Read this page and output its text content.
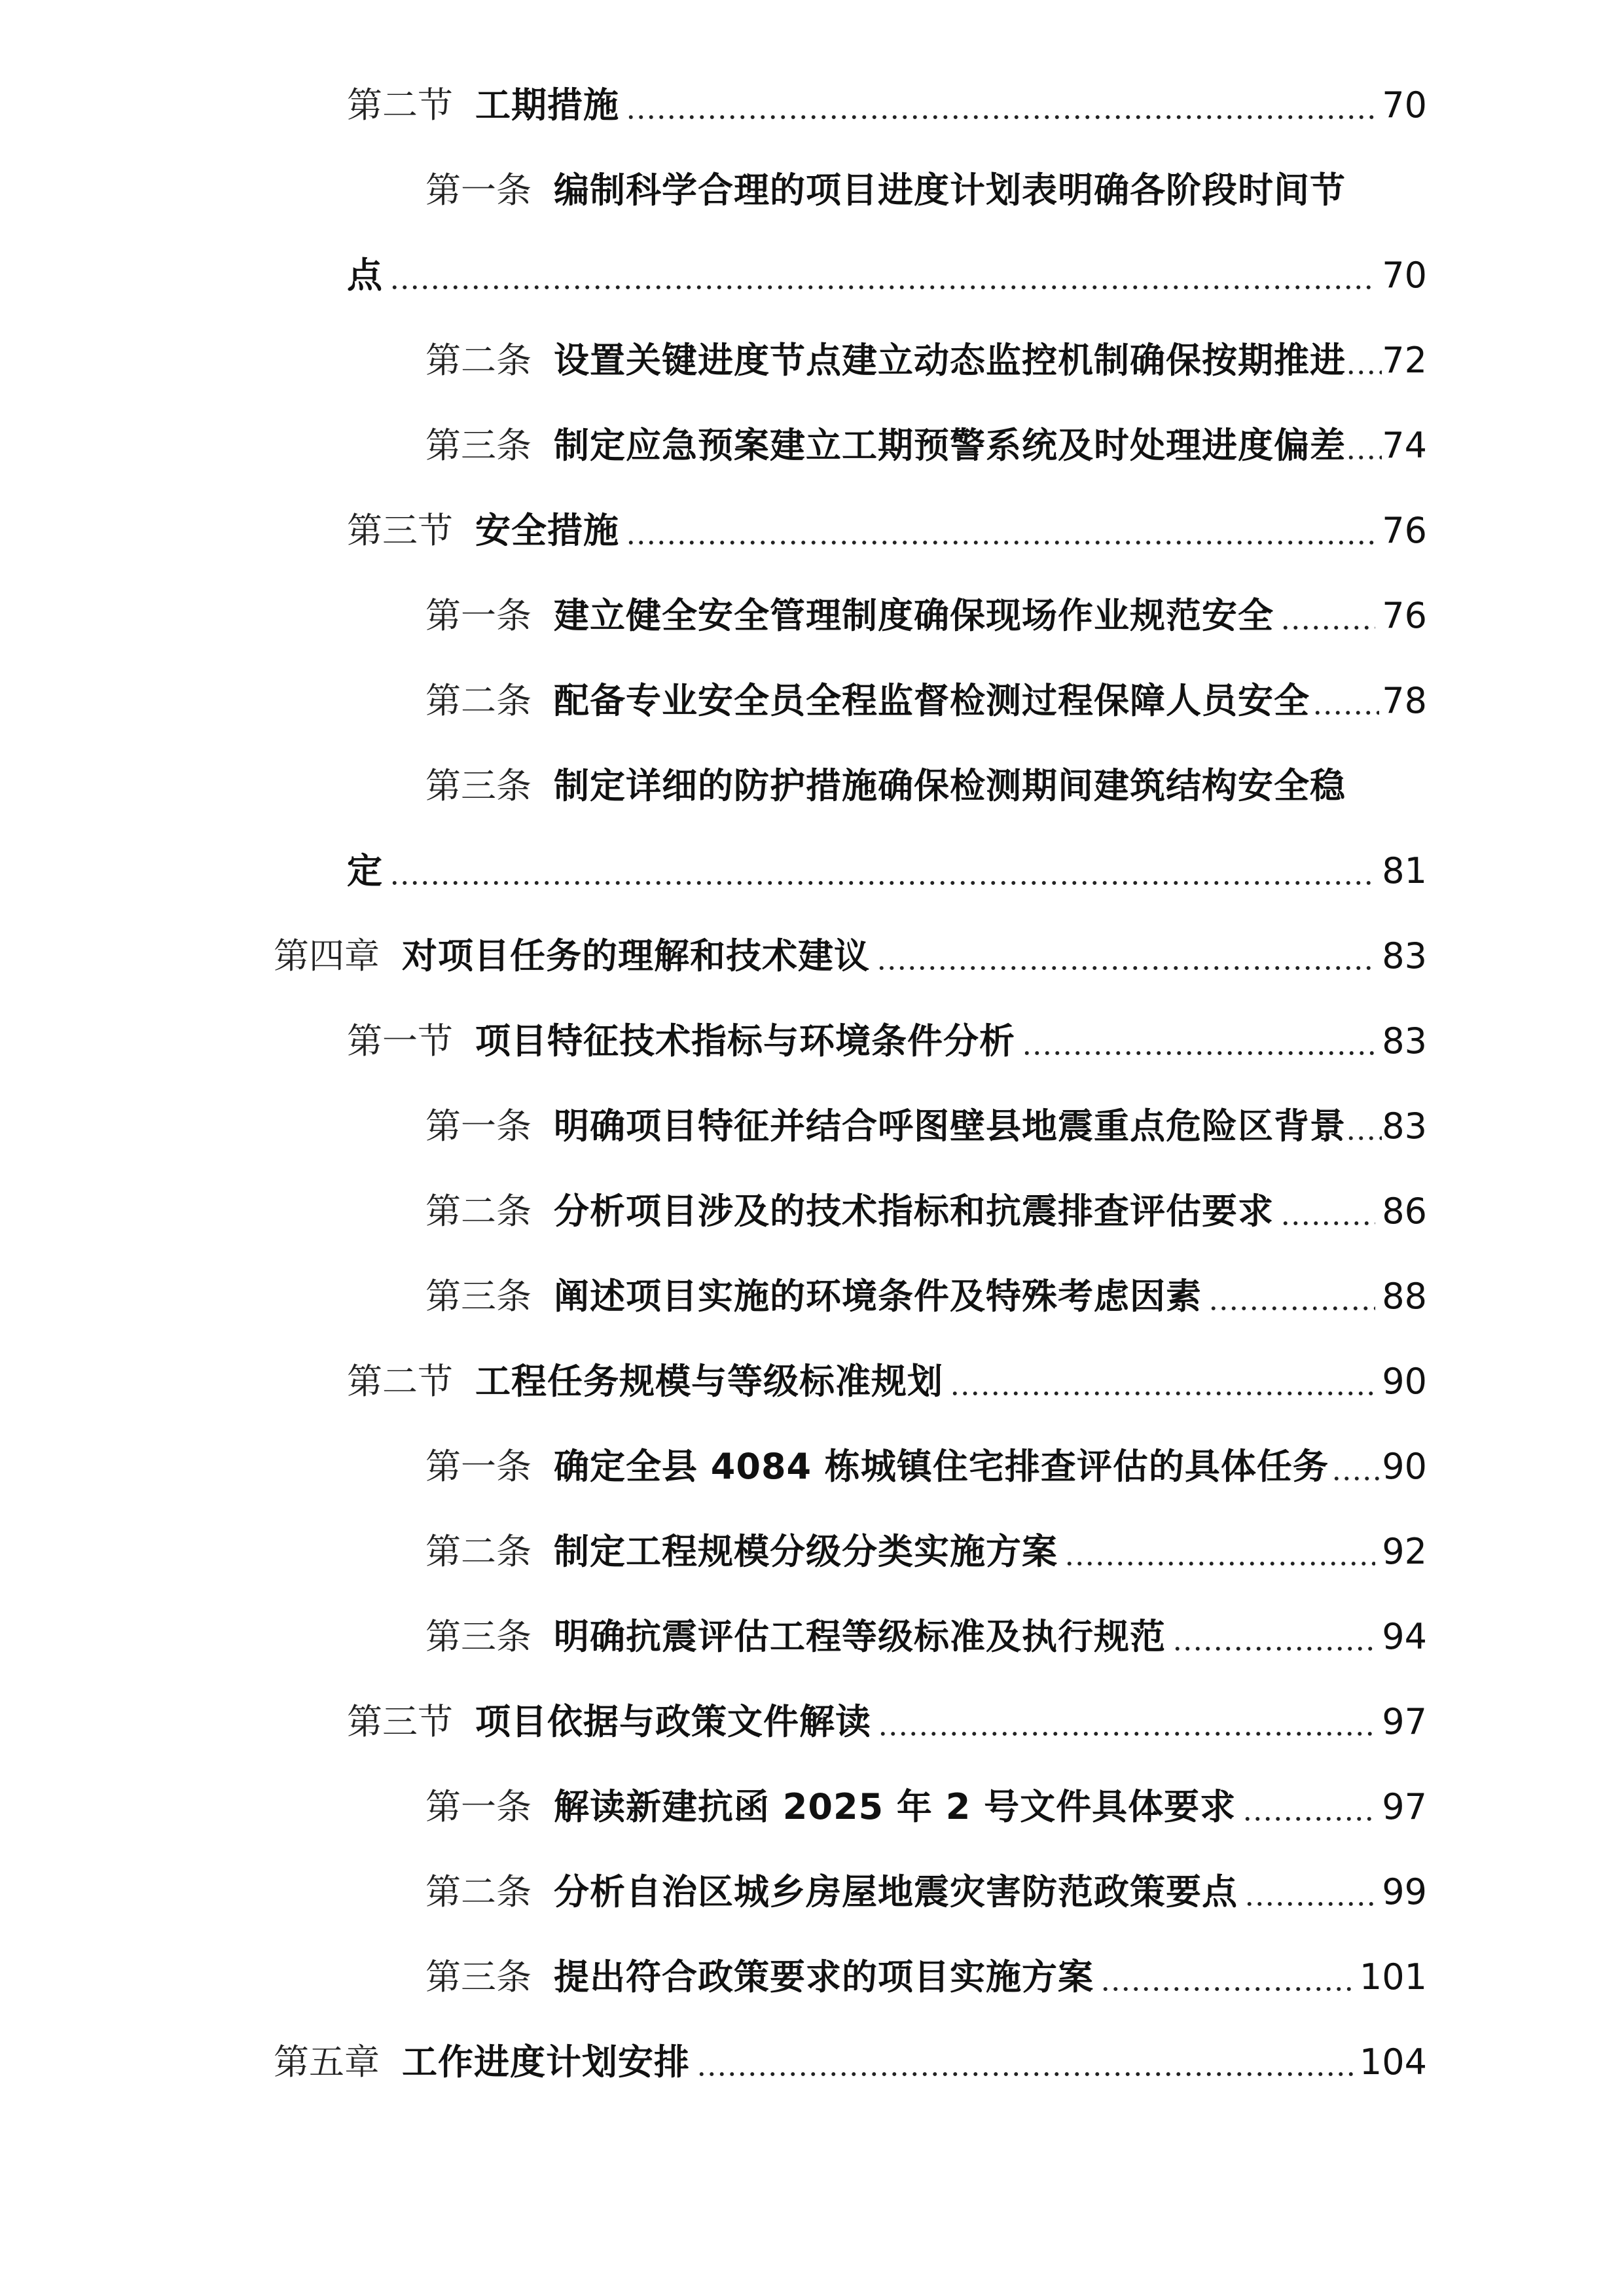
第二节 工期措施	70
第一条 编制科学合理的项目进度计划表明确各阶段时间节
点	70
第二条 设置关键进度节点建立动态监控机制确保按期推进 72
第三条 制定应急预案建立工期预警系统及时处理进度偏差 74
第三节 安全措施	76
第一条 建立健全安全管理制度确保现场作业规范安全	76
第二条 配备专业安全员全程监督检测过程保障人员安全 78
第三条 制定详细的防护措施确保检测期间建筑结构安全稳
定	81
第四章 对项目任务的理解和技术建议	83
第一节 项目特征技术指标与环境条件分析	83
第一条 明确项目特征并结合呼图壁县地震重点危险区背景 83
第二条 分析项目涉及的技术指标和抗震排查评估要求	86
第三条 阐述项目实施的环境条件及特殊考虑因素	88
第二节 工程任务规模与等级标准规划	90
第一条 确定全县 4084 栋城镇住宅排查评估的具体任务 90
第二条 制定工程规模分级分类实施方案	92
第三条 明确抗震评估工程等级标准及执行规范	94
第三节 项目依据与政策文件解读	97
第一条 解读新建抗函 2025 年 2 号文件具体要求	97
第二条 分析自治区城乡房屋地震灾害防范政策要点	99
第三条 提出符合政策要求的项目实施方案	101
第五章 工作进度计划安排	104
